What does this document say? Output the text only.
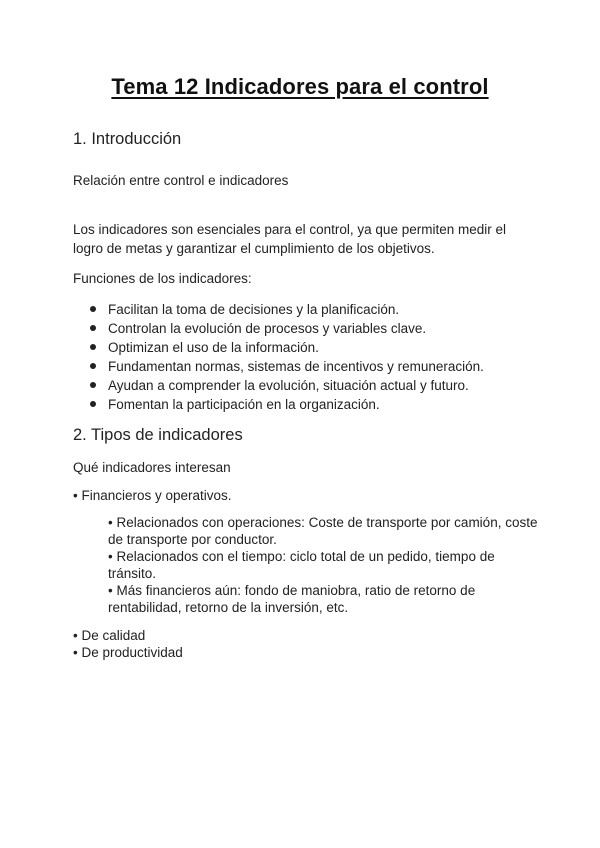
Tema 12 Indicadores para el control
1. Introducción
Relación entre control e indicadores
Los indicadores son esenciales para el control, ya que permiten medir el logro de metas y garantizar el cumplimiento de los objetivos.
Funciones de los indicadores:
Facilitan la toma de decisiones y la planificación.
Controlan la evolución de procesos y variables clave.
Optimizan el uso de la información.
Fundamentan normas, sistemas de incentivos y remuneración.
Ayudan a comprender la evolución, situación actual y futuro.
Fomentan la participación en la organización.
2. Tipos de indicadores
Qué indicadores interesan
• Financieros y operativos.
• Relacionados con operaciones: Coste de transporte por camión, coste de transporte por conductor.
• Relacionados con el tiempo: ciclo total de un pedido, tiempo de tránsito.
• Más financieros aún: fondo de maniobra, ratio de retorno de rentabilidad, retorno de la inversión, etc.
• De calidad
• De productividad
